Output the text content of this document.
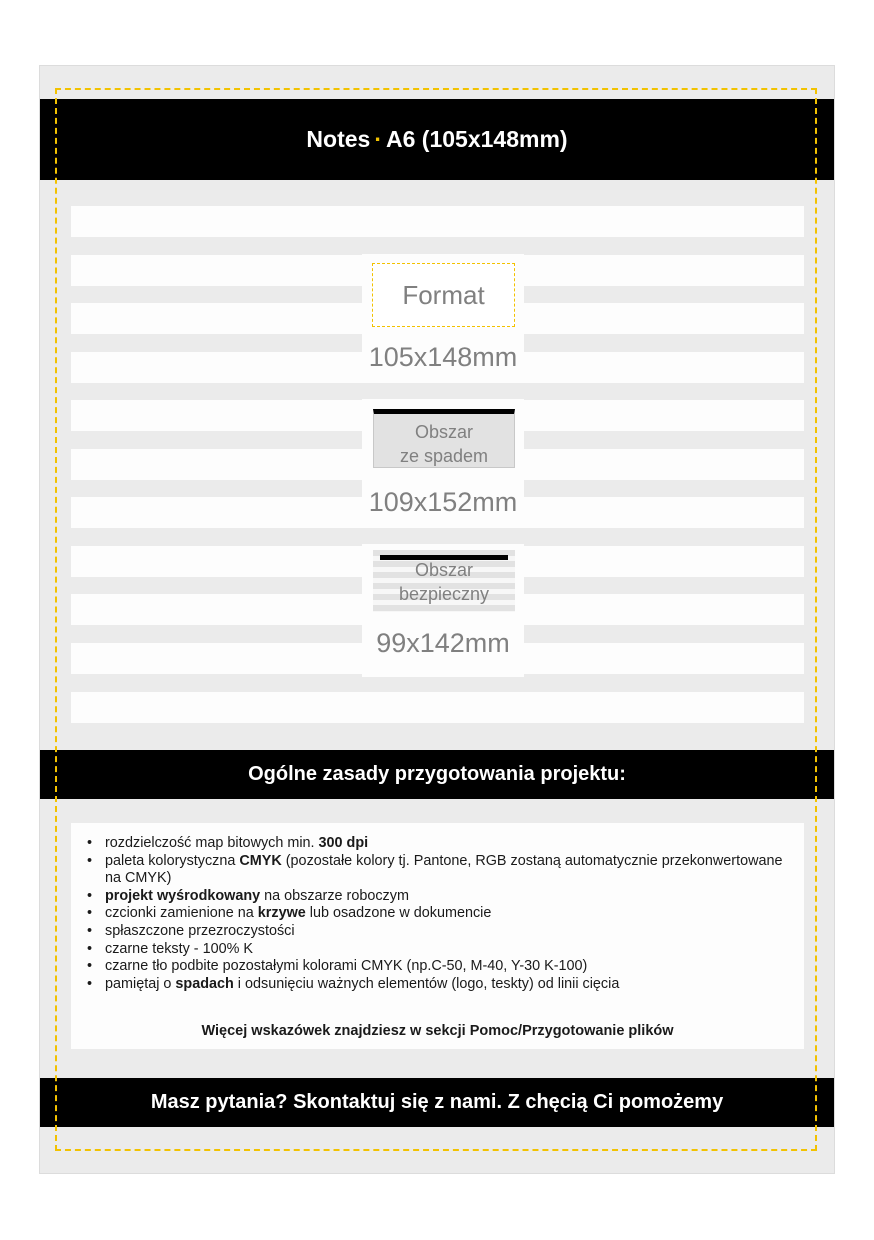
Notes · A6 (105x148mm)
Format
105x148mm
Obszar
ze spadem
109x152mm
Obszar
bezpieczny
99x142mm
Ogólne zasady przygotowania projektu:
• rozdzielczość map bitowych min. 300 dpi
• paleta kolorystyczna CMYK (pozostałe kolory tj. Pantone, RGB zostaną automatycznie przekonwertowane na CMYK)
• projekt wyśrodkowany na obszarze roboczym
• czcionki zamienione na krzywe lub osadzone w dokumencie
• spłaszczone przezroczystości
• czarne teksty - 100% K
• czarne tło podbite pozostałymi kolorami CMYK (np.C-50, M-40, Y-30 K-100)
• pamiętaj o spadach i odsunięciu ważnych elementów (logo, teskty) od linii cięcia
Więcej wskazówek znajdziesz w sekcji Pomoc/Przygotowanie plików
Masz pytania? Skontaktuj się z nami. Z chęcią Ci pomożemy
